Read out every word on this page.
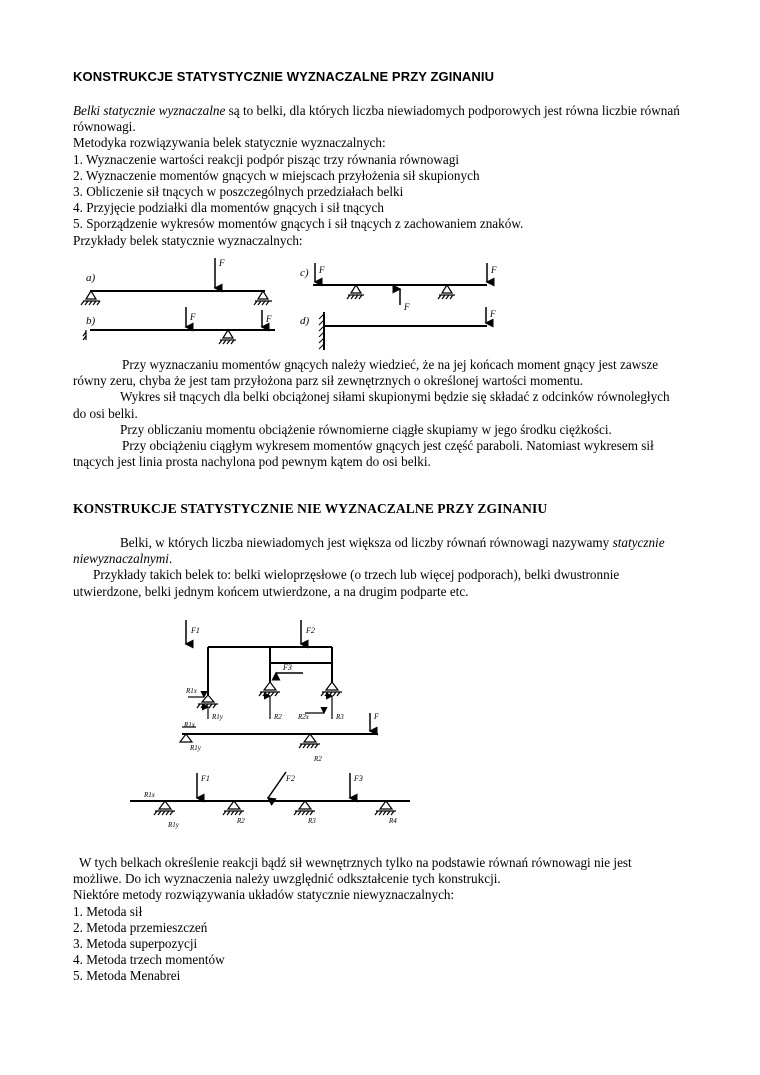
KONSTRUKCJE STATYSTYCZNIE WYZNACZALNE PRZY ZGINANIU

Belki statycznie wyznaczalne są to belki, dla których liczba niewiadomych podporowych jest równa liczbie równań równowagi.

Metodyka rozwiązywania belek statycznie wyznaczalnych:

1. Wyznaczenie wartości reakcji podpór pisząc trzy równania równowagi

2. Wyznaczenie momentów gnących w miejscach przyłożenia sił skupionych

3. Obliczenie sił tnących w poszczególnych przedziałach belki

4. Przyjęcie podziałki dla momentów gnących i sił tnących

5. Sporządzenie wykresów momentów gnących i sił tnących z zachowaniem znaków.

Przykłady belek statycznie wyznaczalnych:

a)
F
b)	F	F
c) F	F
F
d)
F

Przy wyznaczaniu momentów gnących należy wiedzieć, że na jej końcach moment gnący jest zawsze równy zeru, chyba że jest tam przyłożona parz sił zewnętrznych o określonej wartości momentu.

Wykres sił tnących dla belki obciążonej siłami skupionymi będzie się składać z odcinków równoległych do osi belki.

Przy obliczaniu momentu obciążenie równomierne ciągłe skupiamy w jego środku ciężkości.

Przy obciążeniu ciągłym wykresem momentów gnących jest część paraboli. Natomiast wykresem sił tnących jest linia prosta nachylona pod pewnym kątem do osi belki.

KONSTRUKCJE STATYSTYCZNIE NIE WYZNACZALNE PRZY ZGINANIU

Belki, w których liczba niewiadomych jest większa od liczby równań równowagi nazywamy statycznie niewyznaczalnymi.

Przykłady takich belek to: belki wieloprzęsłowe (o trzech lub więcej podporach), belki dwustronnie utwierdzone, belki jednym końcem utwierdzone, a na drugim podparte etc.

F1	F2
F3
R1x
R1y	R2 R2x	R3	F
R1x
R1y
R2
F1	F2	F3
R1x
R1y	R2	R3	R4

W tych belkach określenie reakcji bądź sił wewnętrznych tylko na podstawie równań równowagi nie jest możliwe. Do ich wyznaczenia należy uwzględnić odkształcenie tych konstrukcji.

Niektóre metody rozwiązywania układów statycznie niewyznaczalnych:

1. Metoda sił

2. Metoda przemieszczeń

3. Metoda superpozycji

4. Metoda trzech momentów

5. Metoda Menabrei
